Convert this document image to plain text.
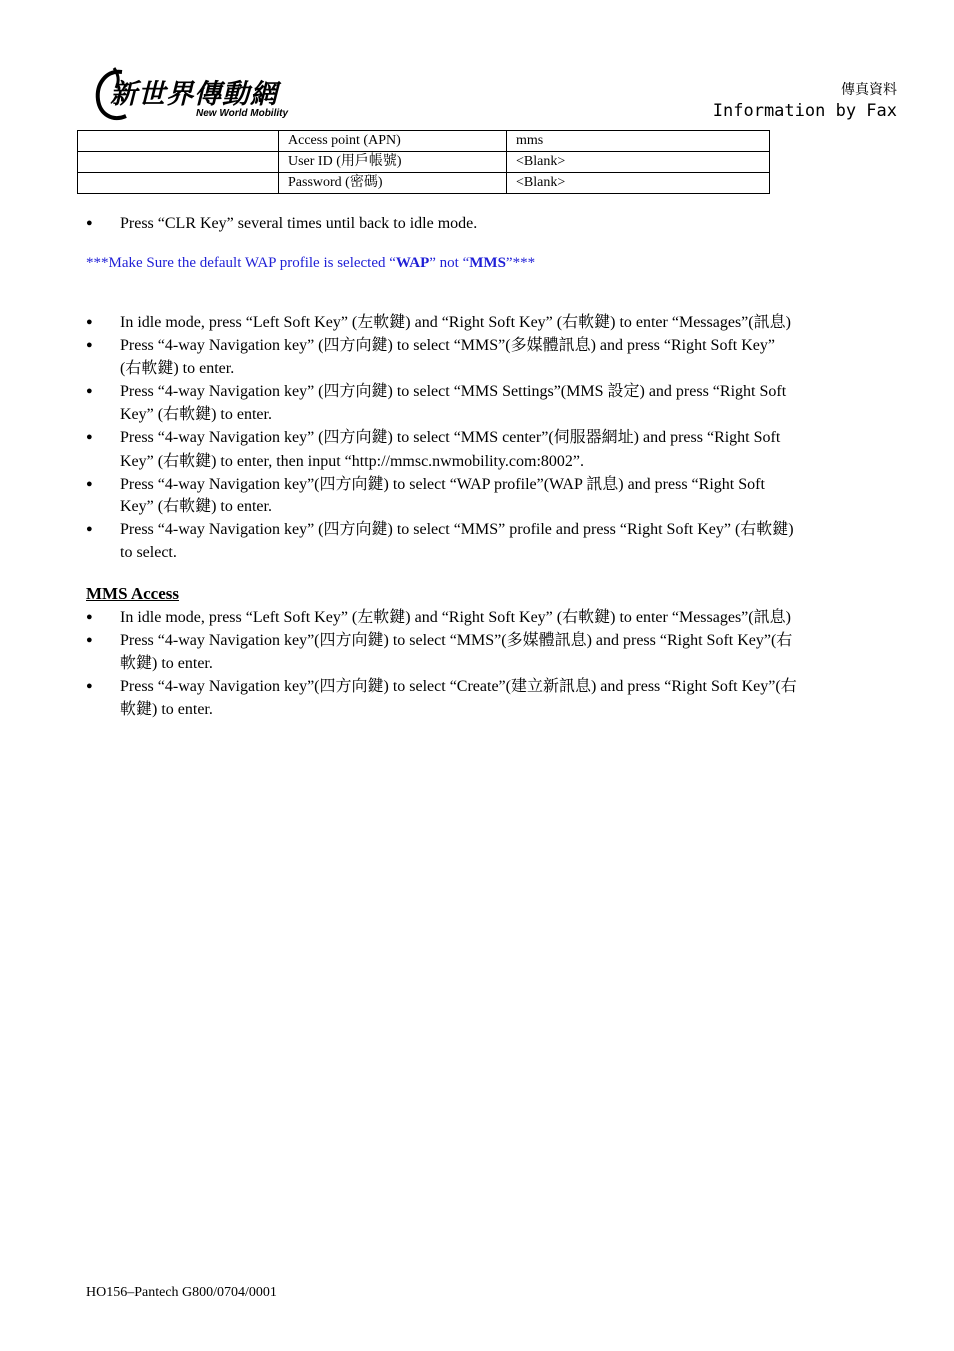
新世界傳動網
New World Mobility
傳真資料
Information by Fax
	Access point (APN)	mms
	User ID (用戶帳號)	<Blank>
	Password (密碼)	<Blank>
● Press “CLR Key” several times until back to idle mode.
***Make Sure the default WAP profile is selected “WAP” not “MMS”***
● In idle mode, press “Left Soft Key” (左軟鍵) and “Right Soft Key” (右軟鍵) to enter “Messages”(訊息)
● Press “4-way Navigation key” (四方向鍵) to select “MMS”(多媒體訊息) and press “Right Soft Key”
(右軟鍵) to enter.
● Press “4-way Navigation key” (四方向鍵) to select “MMS Settings”(MMS 設定) and press “Right Soft
Key” (右軟鍵) to enter.
● Press “4-way Navigation key” (四方向鍵) to select “MMS center”(伺服器網址) and press “Right Soft
Key” (右軟鍵) to enter, then input “http://mmsc.nwmobility.com:8002”.
● Press “4-way Navigation key”(四方向鍵) to select “WAP profile”(WAP 訊息) and press “Right Soft
Key” (右軟鍵) to enter.
● Press “4-way Navigation key” (四方向鍵) to select “MMS” profile and press “Right Soft Key” (右軟鍵)
to select.
MMS Access
● In idle mode, press “Left Soft Key” (左軟鍵) and “Right Soft Key” (右軟鍵) to enter “Messages”(訊息)
● Press “4-way Navigation key”(四方向鍵) to select “MMS”(多媒體訊息) and press “Right Soft Key”(右
軟鍵) to enter.
● Press “4-way Navigation key”(四方向鍵) to select “Create”(建立新訊息) and press “Right Soft Key”(右
軟鍵) to enter.
HO156–Pantech G800/0704/0001
